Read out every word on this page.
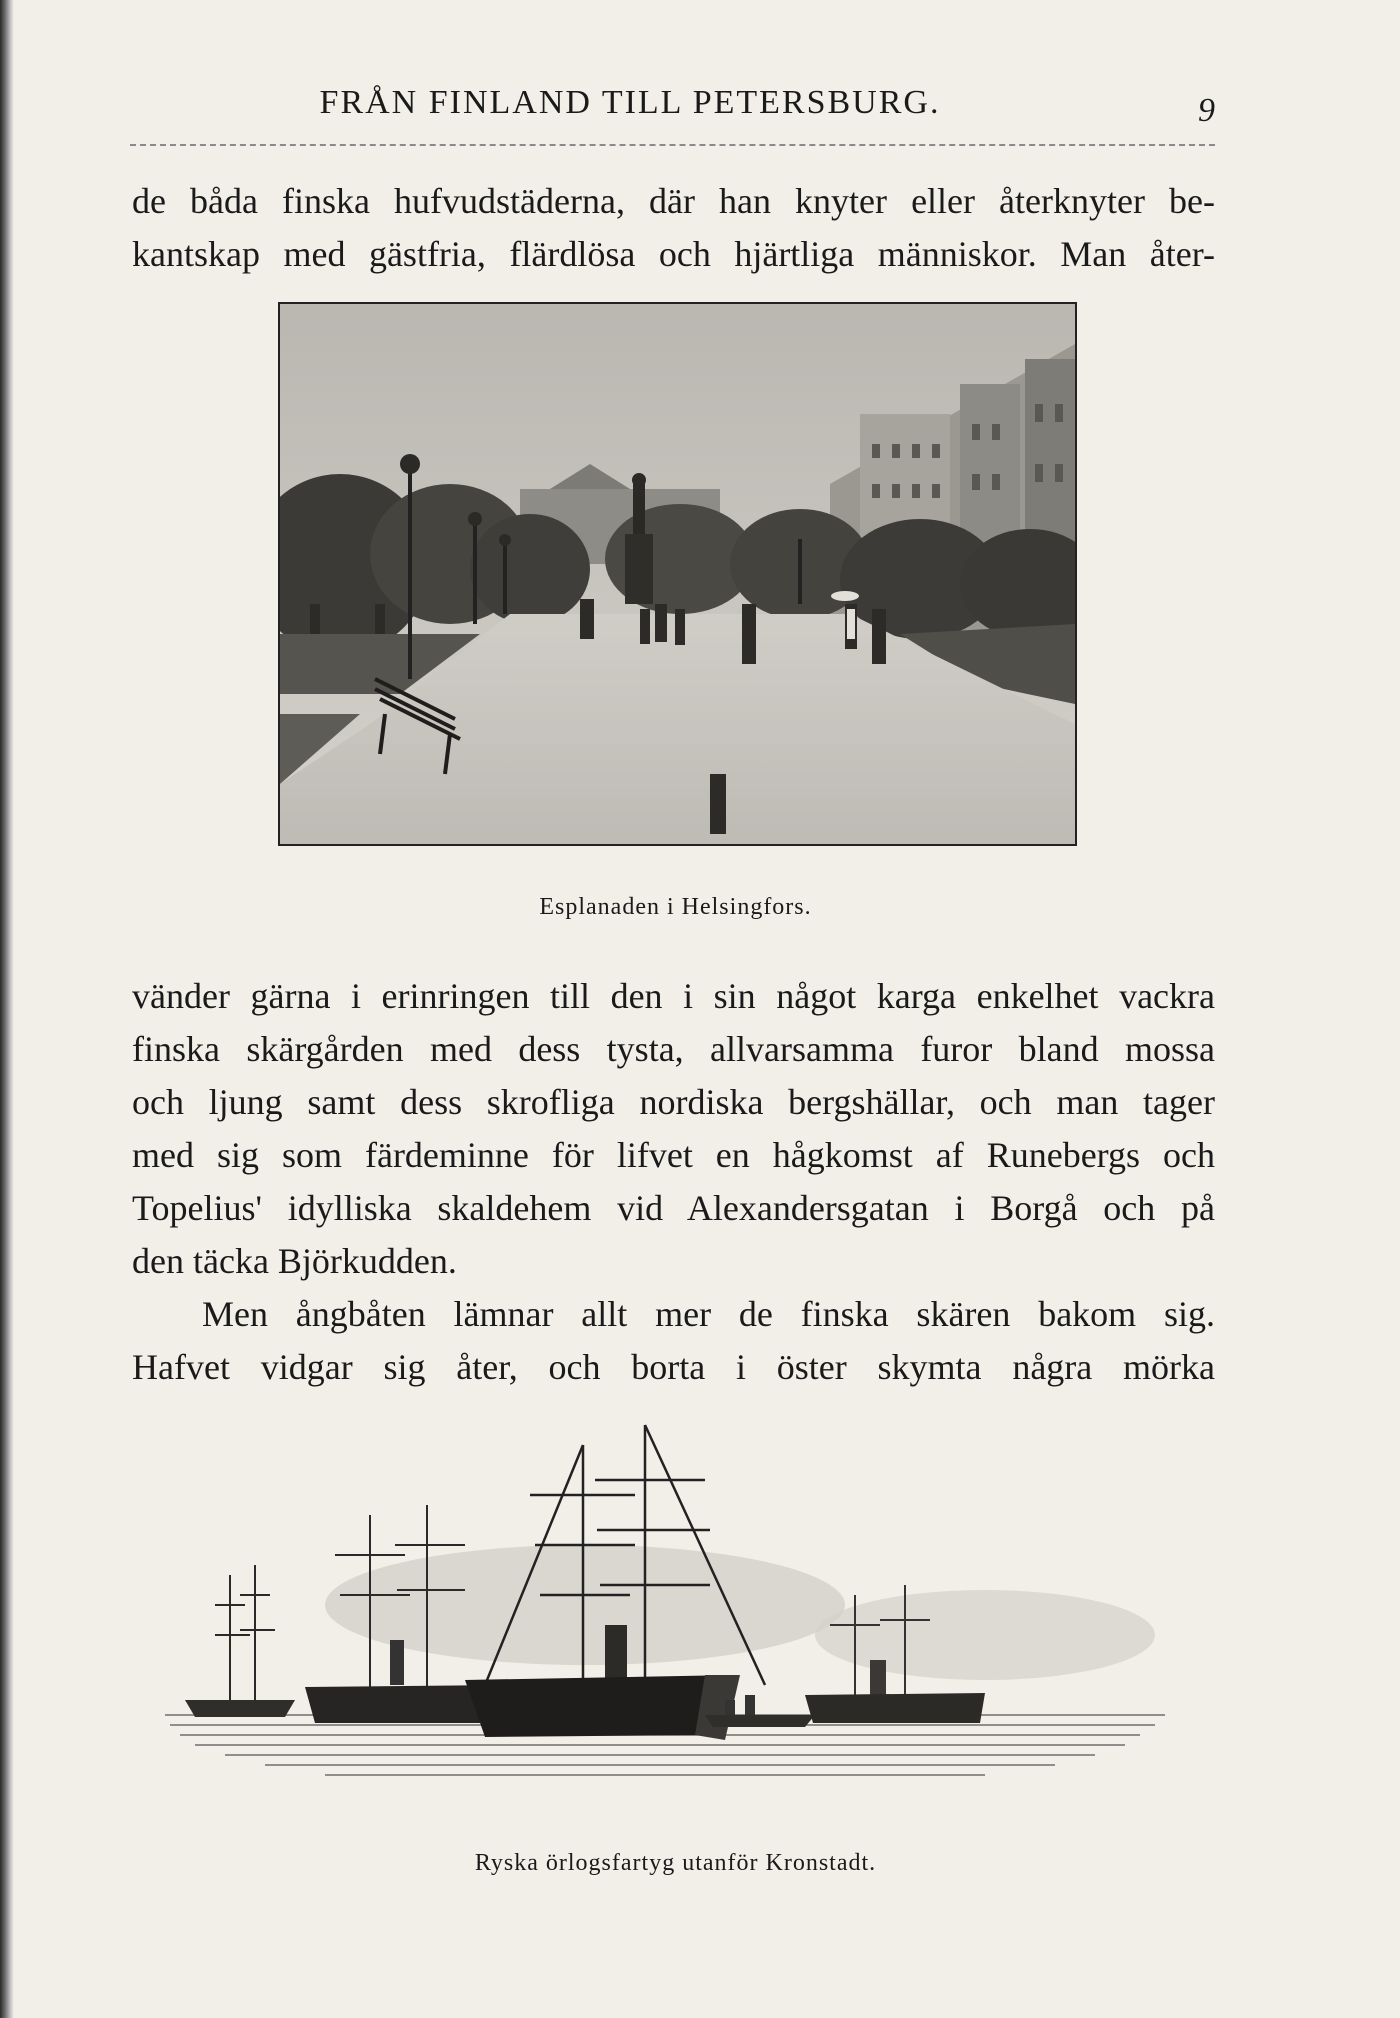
FRÅN FINLAND TILL PETERSBURG.	9

de båda finska hufvudstäderna, där han knyter eller återknyter be-

kantskap med gästfria, flärdlösa och hjärtliga människor. Man åter-

Esplanaden i Helsingfors.

vänder gärna i erinringen till den i sin något karga enkelhet vackra

finska skärgården med dess tysta, allvarsamma furor bland mossa

och ljung samt dess skrofliga nordiska bergshällar, och man tager

med sig som färdeminne för lifvet en hågkomst af Runebergs och

Topelius' idylliska skaldehem vid Alexandersgatan i Borgå och på

den täcka Björkudden.

Men ångbåten lämnar allt mer de finska skären bakom sig.

Hafvet vidgar sig åter, och borta i öster skymta några mörka

Ryska örlogsfartyg utanför Kronstadt.
